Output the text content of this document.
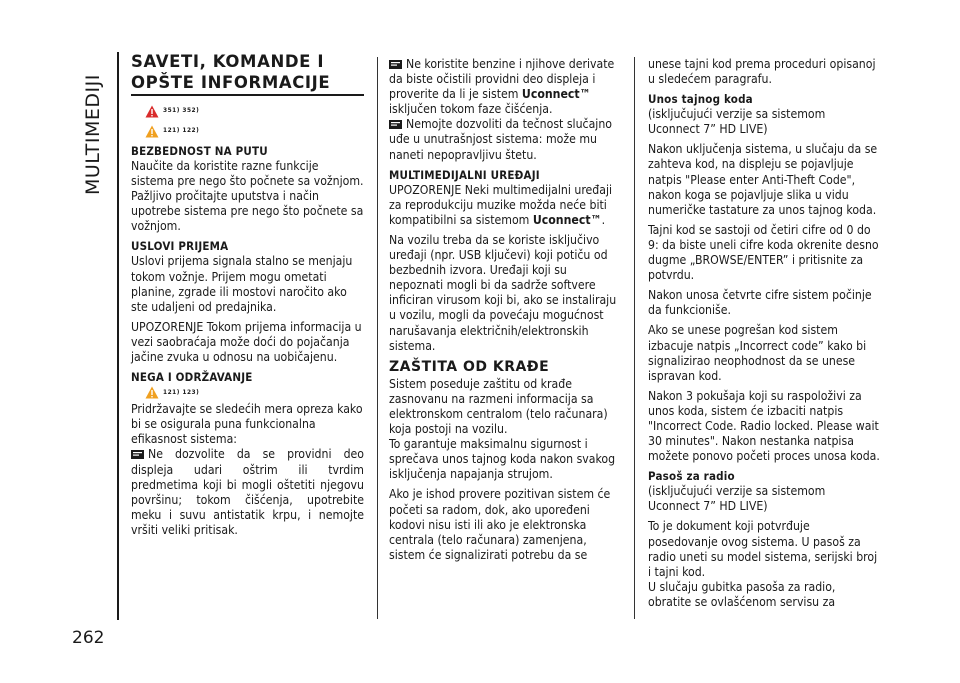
MULTIMEDIJI
262
SAVETI, KOMANDE I
OPŠTE INFORMACIJE
351) 352)
121) 122)
BEZBEDNOST NA PUTU

Naučite da koristite razne funkcije sistema pre nego što počnete sa vožnjom.

Pažljivo pročitajte uputstva i način upotrebe sistema pre nego što počnete sa vožnjom.

USLOVI PRIJEMA

Uslovi prijema signala stalno se menjaju tokom vožnje. Prijem mogu ometati planine, zgrade ili mostovi naročito ako ste udaljeni od predajnika.

UPOZORENJE Tokom prijema informacija u vezi saobraćaja može doći do pojačanja jačine zvuka u odnosu na uobičajenu.

NEGA I ODRŽAVANJE
121) 123)

Pridržavajte se sledećih mera opreza kako bi se osigurala puna funkcionalna efikasnost sistema:

Ne dozvolite da se providni deo displeja udari oštrim ili tvrdim predmetima koji bi mogli oštetiti njegovu površinu; tokom čišćenja, upotrebite meku i suvu antistatik krpu, i nemojte vršiti veliki pritisak.

Ne koristite benzine i njihove derivate da biste očistili providni deo displeja i proverite da li je sistem Uconnect™ isključen tokom faze čišćenja.

Nemojte dozvoliti da tečnost slučajno uđe u unutrašnjost sistema: može mu naneti nepopravljivu štetu.

MULTIMEDIJALNI UREĐAJI

UPOZORENJE Neki multimedijalni uređaji za reprodukciju muzike možda neće biti kompatibilni sa sistemom Uconnect™.

Na vozilu treba da se koriste isključivo uređaji (npr. USB ključevi) koji potiču od bezbednih izvora. Uređaji koji su nepoznati mogli bi da sadrže softvere inficiran virusom koji bi, ako se instaliraju u vozilu, mogli da povećaju mogućnost narušavanja električnih/elektronskih sistema.

ZAŠTITA OD KRAĐE

Sistem poseduje zaštitu od krađe zasnovanu na razmeni informacija sa elektronskom centralom (telo računara) koja postoji na vozilu.

To garantuje maksimalnu sigurnost i sprečava unos tajnog koda nakon svakog isključenja napajanja strujom.

Ako je ishod provere pozitivan sistem će početi sa radom, dok, ako upoređeni kodovi nisu isti ili ako je elektronska centrala (telo računara) zamenjena, sistem će signalizirati potrebu da se

unese tajni kod prema proceduri opisanoj u sledećem paragrafu.

Unos tajnog koda

(isključujući verzije sa sistemom Uconnect 7” HD LIVE)

Nakon uključenja sistema, u slučaju da se zahteva kod, na displeju se pojavljuje natpis "Please enter Anti-Theft Code", nakon koga se pojavljuje slika u vidu numeričke tastature za unos tajnog koda.

Tajni kod se sastoji od četiri cifre od 0 do 9: da biste uneli cifre koda okrenite desno dugme „BROWSE/ENTER” i pritisnite za potvrdu.

Nakon unosa četvrte cifre sistem počinje da funkcioniše.

Ako se unese pogrešan kod sistem izbacuje natpis „Incorrect code” kako bi signalizirao neophodnost da se unese ispravan kod.

Nakon 3 pokušaja koji su raspoloživi za unos koda, sistem će izbaciti natpis "Incorrect Code. Radio locked. Please wait 30 minutes". Nakon nestanka natpisa možete ponovo početi proces unosa koda.

Pasoš za radio

(isključujući verzije sa sistemom Uconnect 7” HD LIVE)

To je dokument koji potvrđuje posedovanje ovog sistema. U pasoš za radio uneti su model sistema, serijski broj i tajni kod.

U slučaju gubitka pasoša za radio, obratite se ovlašćenom servisu za
